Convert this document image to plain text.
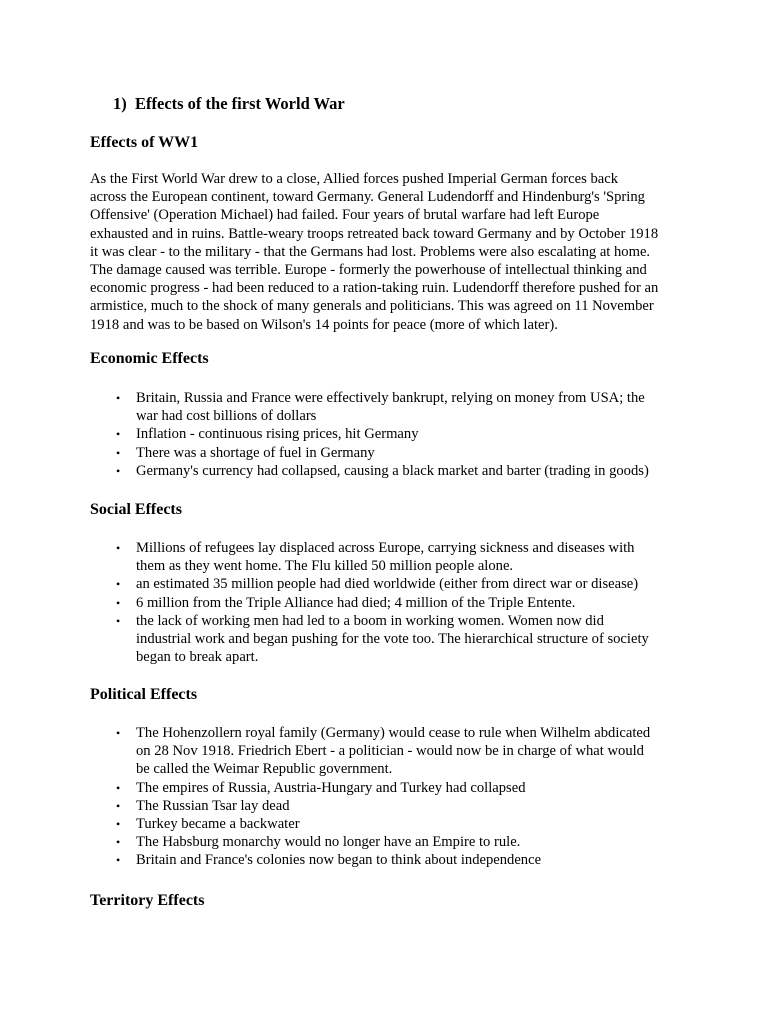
1) Effects of the first World War
Effects of WW1
As the First World War drew to a close, Allied forces pushed Imperial German forces back
across the European continent, toward Germany. General Ludendorff and Hindenburg's 'Spring
Offensive' (Operation Michael) had failed. Four years of brutal warfare had left Europe
exhausted and in ruins. Battle-weary troops retreated back toward Germany and by October 1918
it was clear - to the military - that the Germans had lost. Problems were also escalating at home.
The damage caused was terrible. Europe - formerly the powerhouse of intellectual thinking and
economic progress - had been reduced to a ration-taking ruin. Ludendorff therefore pushed for an
armistice, much to the shock of many generals and politicians. This was agreed on 11 November
1918 and was to be based on Wilson's 14 points for peace (more of which later).
Economic Effects
• Britain, Russia and France were effectively bankrupt, relying on money from USA; the
war had cost billions of dollars
• Inflation - continuous rising prices, hit Germany
• There was a shortage of fuel in Germany
• Germany's currency had collapsed, causing a black market and barter (trading in goods)
Social Effects
• Millions of refugees lay displaced across Europe, carrying sickness and diseases with
them as they went home. The Flu killed 50 million people alone.
• an estimated 35 million people had died worldwide (either from direct war or disease)
• 6 million from the Triple Alliance had died; 4 million of the Triple Entente.
• the lack of working men had led to a boom in working women. Women now did
industrial work and began pushing for the vote too. The hierarchical structure of society
began to break apart.
Political Effects
• The Hohenzollern royal family (Germany) would cease to rule when Wilhelm abdicated
on 28 Nov 1918. Friedrich Ebert - a politician - would now be in charge of what would
be called the Weimar Republic government.
• The empires of Russia, Austria-Hungary and Turkey had collapsed
• The Russian Tsar lay dead
• Turkey became a backwater
• The Habsburg monarchy would no longer have an Empire to rule.
• Britain and France's colonies now began to think about independence
Territory Effects
